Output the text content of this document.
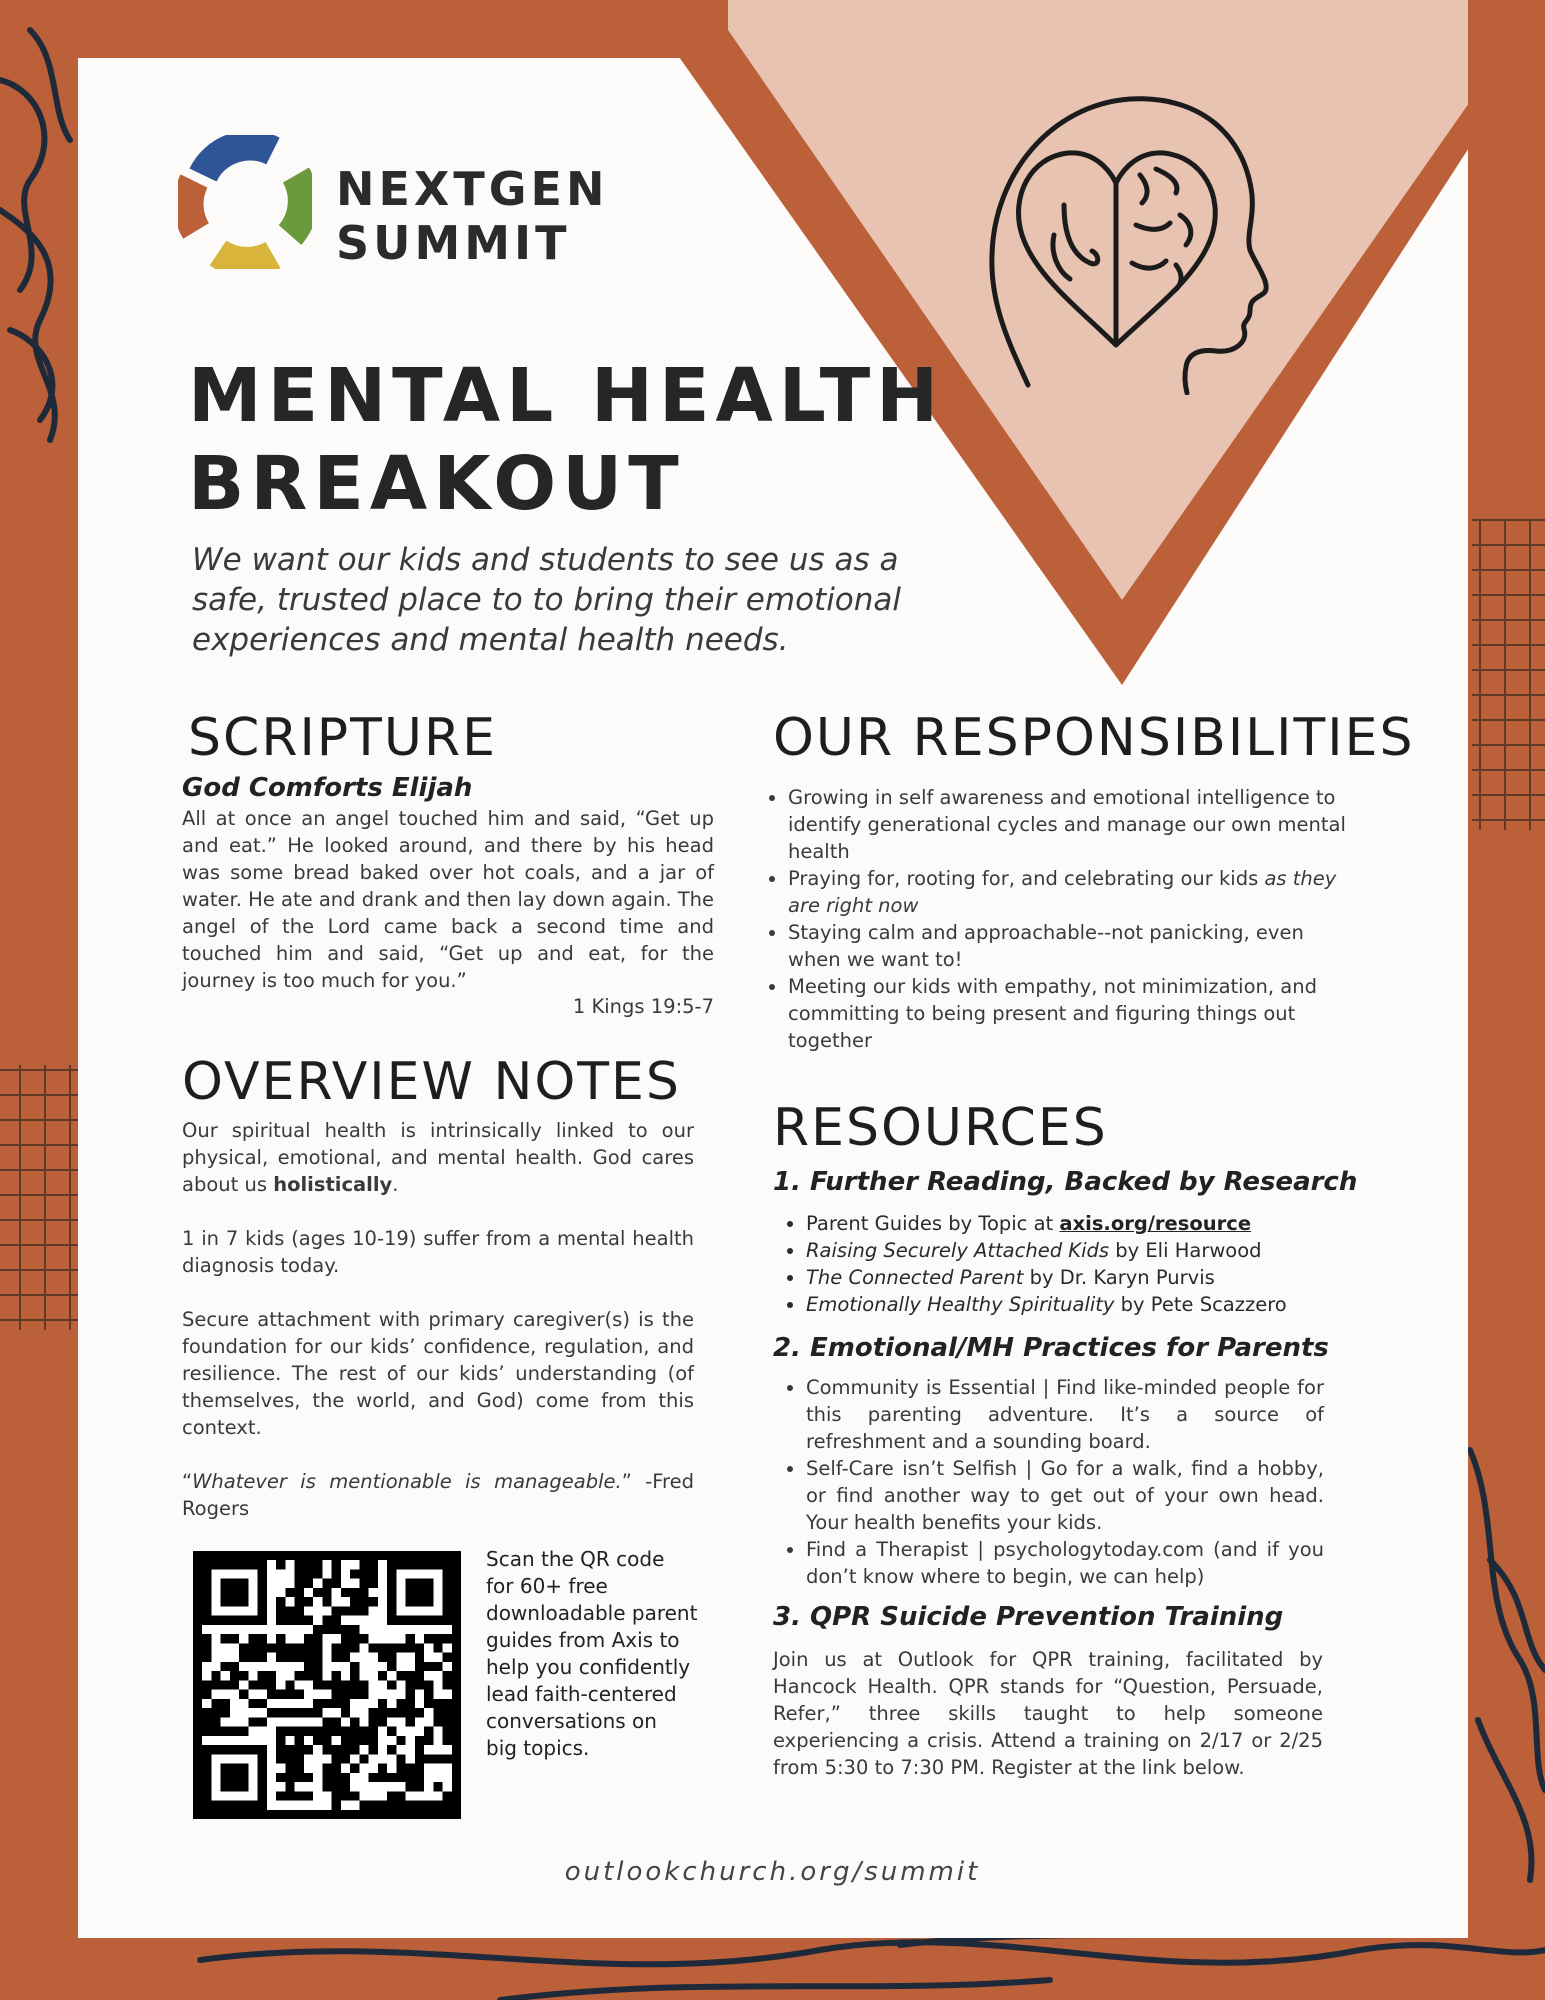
NEXTGEN
SUMMIT
MENTAL HEALTH
BREAKOUT
We want our kids and students to see us as a
safe, trusted place to to bring their emotional
experiences and mental health needs.
SCRIPTURE
God Comforts Elijah
All at once an angel touched him and said, “Get up and eat.” He looked around, and there by his head was some bread baked over hot coals, and a jar of water. He ate and drank and then lay down again. The angel of the Lord came back a second time and touched him and said, “Get up and eat, for the journey is too much for you.”
1 Kings 19:5-7
OVERVIEW NOTES
Our spiritual health is intrinsically linked to our physical, emotional, and mental health. God cares about us holistically.
1 in 7 kids (ages 10-19) suffer from a mental health diagnosis today.
Secure attachment with primary caregiver(s) is the foundation for our kids’ confidence, regulation, and resilience. The rest of our kids’ understanding (of themselves, the world, and God) come from this context.
“Whatever is mentionable is manageable.” -Fred Rogers
Scan the QR code
for 60+ free
downloadable parent
guides from Axis to
help you confidently
lead faith-centered
conversations on
big topics.
OUR RESPONSIBILITIES
• Growing in self awareness and emotional intelligence to identify generational cycles and manage our own mental health
• Praying for, rooting for, and celebrating our kids as they are right now
• Staying calm and approachable--not panicking, even when we want to!
• Meeting our kids with empathy, not minimization, and committing to being present and figuring things out together
RESOURCES
1. Further Reading, Backed by Research
• Parent Guides by Topic at axis.org/resource
• Raising Securely Attached Kids by Eli Harwood
• The Connected Parent by Dr. Karyn Purvis
• Emotionally Healthy Spirituality by Pete Scazzero
2. Emotional/MH Practices for Parents
• Community is Essential | Find like-minded people for this parenting adventure. It’s a source of refreshment and a sounding board.
• Self-Care isn’t Selfish | Go for a walk, find a hobby, or find another way to get out of your own head. Your health benefits your kids.
• Find a Therapist | psychologytoday.com (and if you don’t know where to begin, we can help)
3. QPR Suicide Prevention Training
Join us at Outlook for QPR training, facilitated by Hancock Health. QPR stands for “Question, Persuade, Refer,” three skills taught to help someone experiencing a crisis. Attend a training on 2/17 or 2/25 from 5:30 to 7:30 PM. Register at the link below.
outlookchurch.org/summit
